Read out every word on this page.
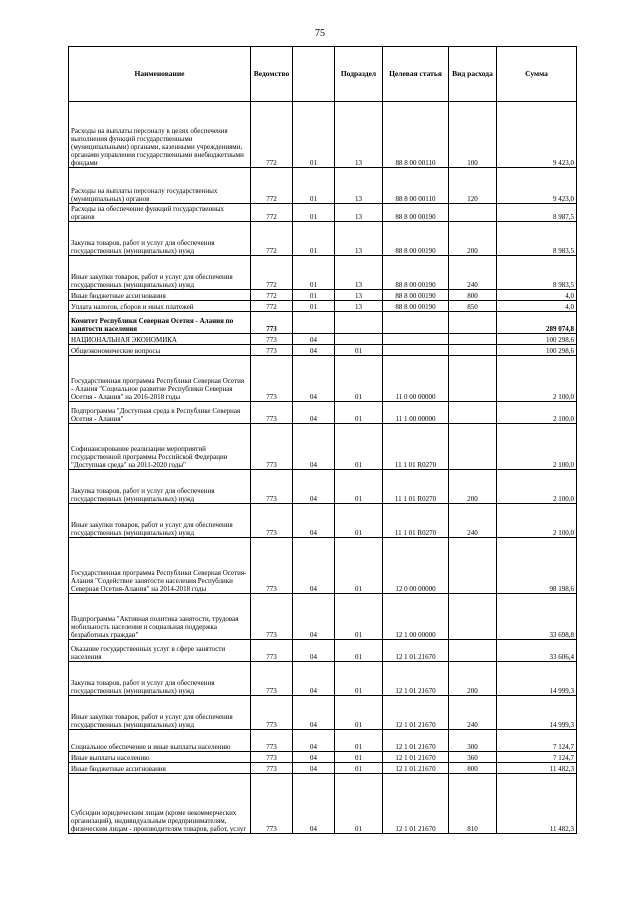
75
Наименование	Ведомство		Подраздел	Целевая статья	Вид расхода	Сумма
Расходы на выплаты персоналу в целях обеспечения выполнения функций государственными (муниципальными) органами, казенными учреждениями, органами управления государственными внебюджетными фондами	772	01	13	88 8 00 00110	100	9 423,0
Расходы на выплаты персоналу государственных (муниципальных) органов	772	01	13	88 8 00 00110	120	9 423,0
Расходы на обеспечение функций государственных органов	772	01	13	88 8 00 00190		8 987,5
Закупка товаров, работ и услуг для обеспечения государственных (муниципальных) нужд	772	01	13	88 8 00 00190	200	8 983,5
Иные закупки товаров, работ и услуг для обеспечения государственных (муниципальных) нужд	772	01	13	88 8 00 00190	240	8 983,5
Иные бюджетные ассигнования	772	01	13	88 8 00 00190	800	4,0
Уплата налогов, сборов и иных платежей	772	01	13	88 8 00 00190	850	4,0
Комитет Республики Северная Осетия - Алания по занятости населения	773					289 074,8
НАЦИОНАЛЬНАЯ ЭКОНОМИКА	773	04				100 298,6
Общеэкономические вопросы	773	04	01			100 298,6
Государственная программа Республики Северная Осетия - Алания "Социальное развитие Республики Северная Осетия - Алания" на 2016-2018 годы	773	04	01	11 0 00 00000		2 100,0
Подпрограмма "Доступная среда в Республике Северная Осетия - Алания"	773	04	01	11 1 00 00000		2 100,0
Софинансирование реализации мероприятий государственной программы Российской Федерации "Доступная среда" на 2011-2020 годы"	773	04	01	11 1 01 R0270		2 100,0
Закупка товаров, работ и услуг для обеспечения государственных (муниципальных) нужд	773	04	01	11 1 01 R0270	200	2 100,0
Иные закупки товаров, работ и услуг для обеспечения государственных (муниципальных) нужд	773	04	01	11 1 01 R0270	240	2 100,0
Государственная программа Республики Северная Осетия-Алания "Содействие занятости населения Республики Северная Осетия-Алания" на 2014-2018 годы	773	04	01	12 0 00 00000		98 198,6
Подпрограмма "Активная политика занятости, трудовая мобильность населения и социальная поддержка безработных граждан"	773	04	01	12 1 00 00000		33 698,8
Оказание государственных услуг в сфере занятости населения	773	04	01	12 1 01 21670		33 606,4
Закупка товаров, работ и услуг для обеспечения государственных (муниципальных) нужд	773	04	01	12 1 01 21670	200	14 999,3
Иные закупки товаров, работ и услуг для обеспечения государственных (муниципальных) нужд	773	04	01	12 1 01 21670	240	14 999,3
Социальное обеспечение и иные выплаты населению	773	04	01	12 1 01 21670	300	7 124,7
Иные выплаты населению	773	04	01	12 1 01 21670	360	7 124,7
Иные бюджетные ассигнования	773	04	01	12 1 01 21670	800	11 482,3
Субсидии юридическим лицам (кроме некоммерческих организаций), индивидуальным предпринимателям, физическим лицам - производителям товаров, работ, услуг	773	04	01	12 1 01 21670	810	11 482,3
